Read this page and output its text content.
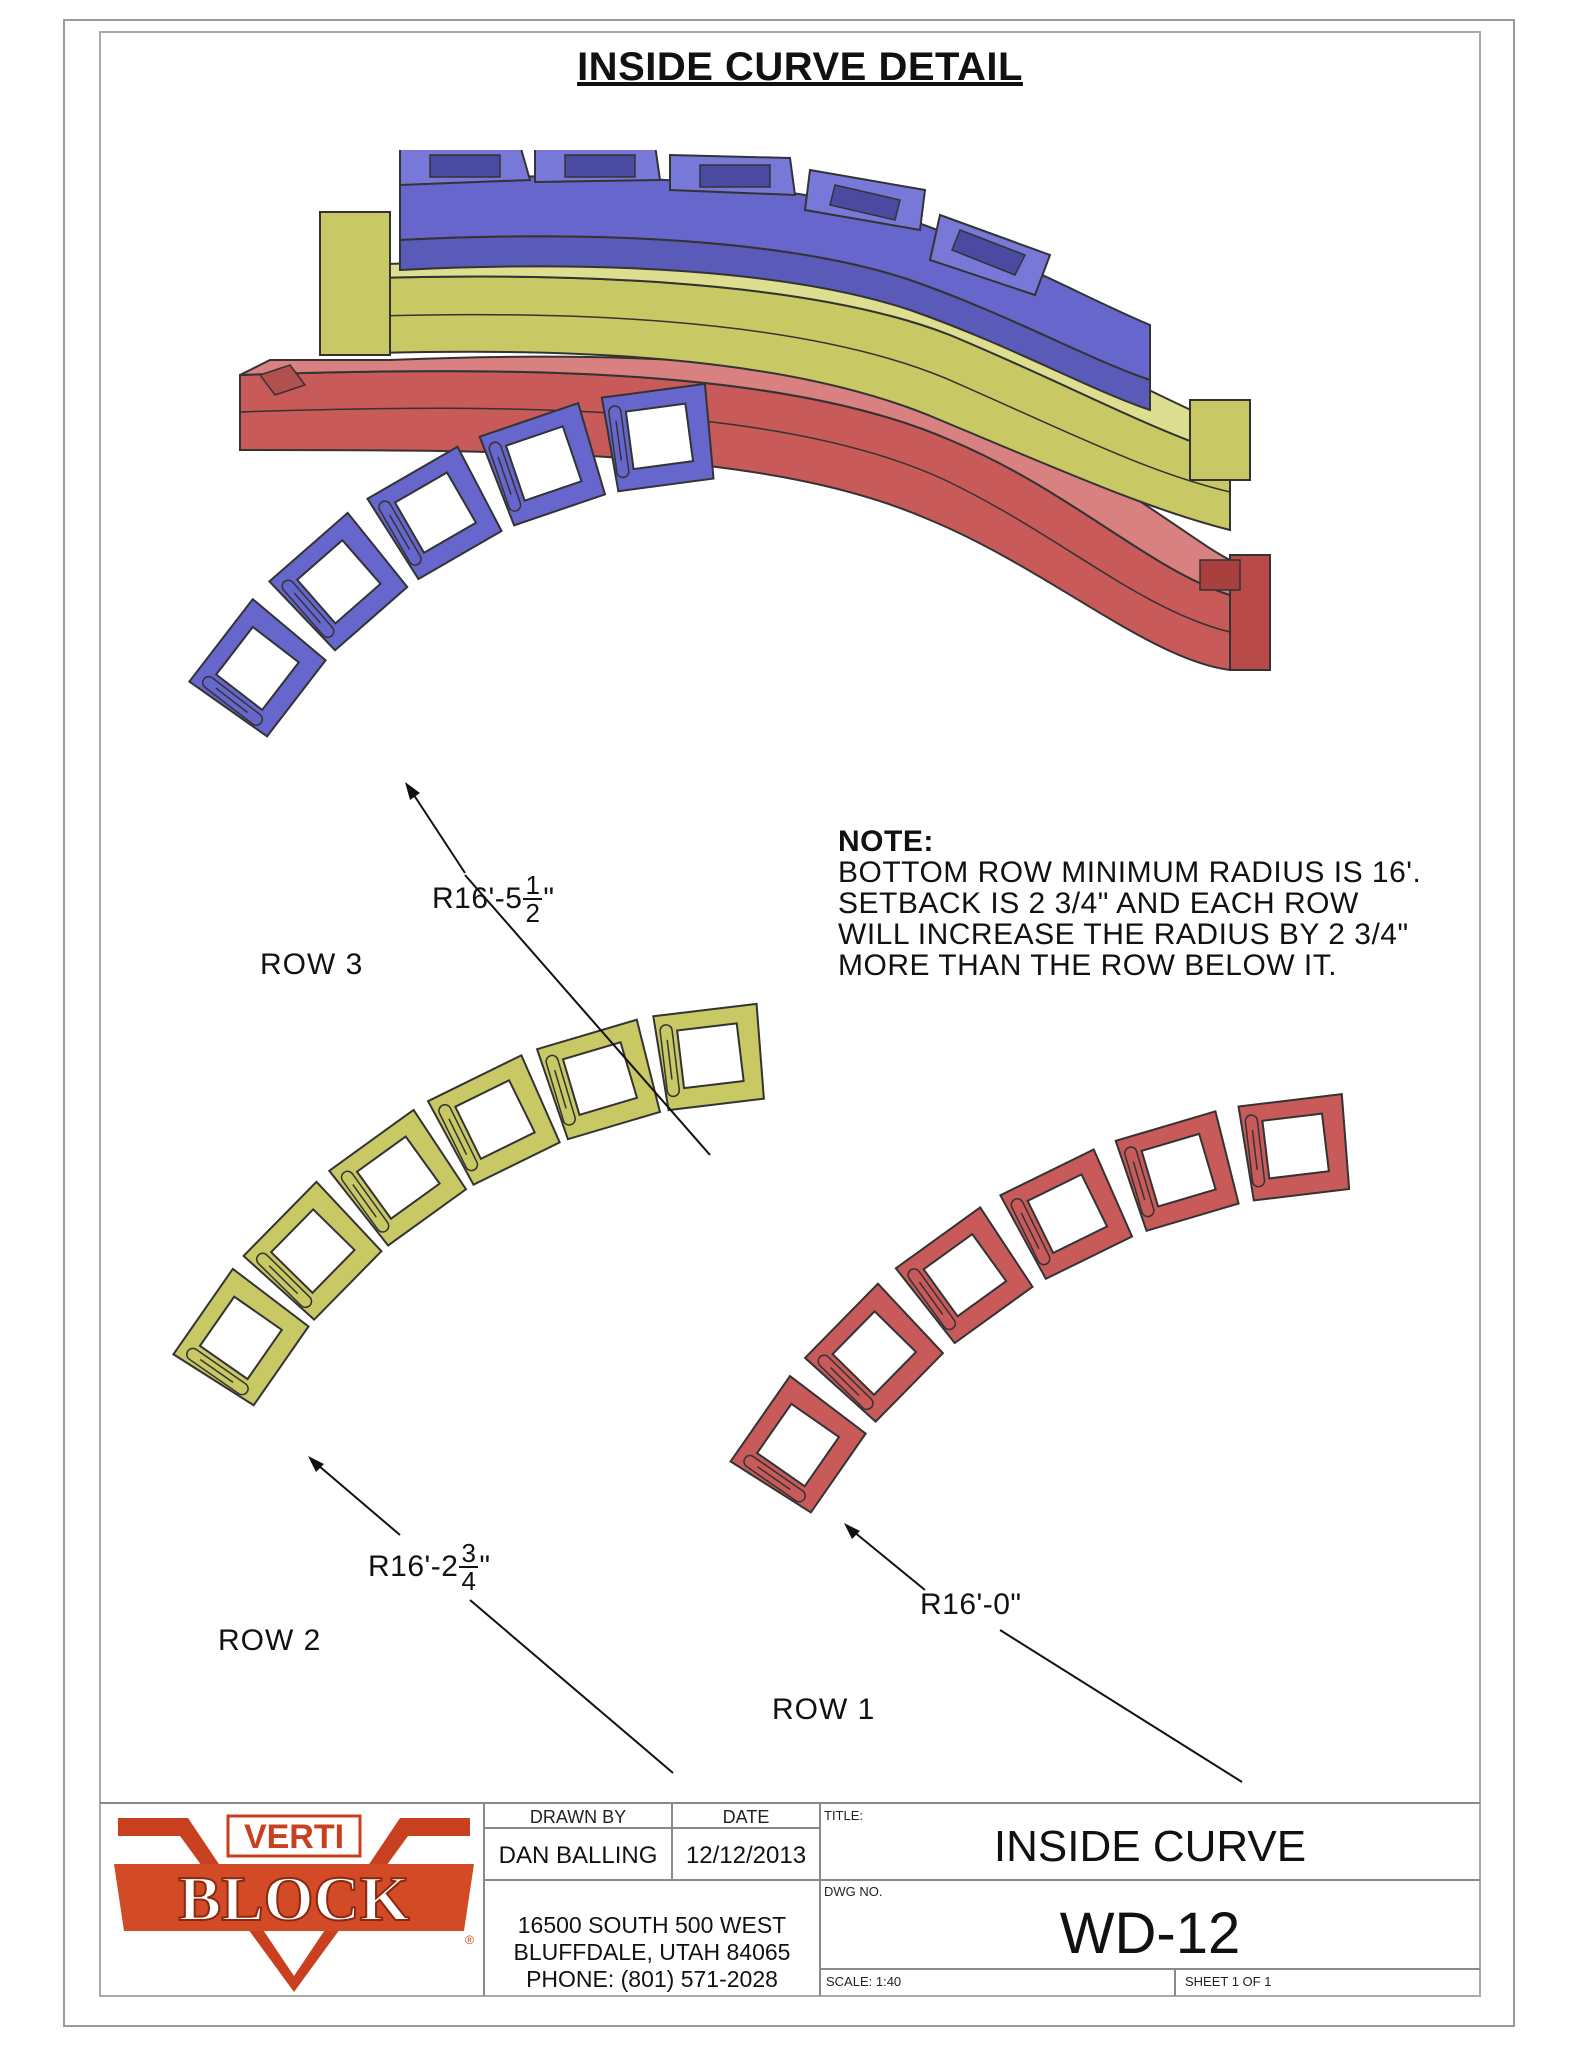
INSIDE CURVE DETAIL
NOTE:
BOTTOM ROW MINIMUM RADIUS IS 16'.
SETBACK IS 2 3/4" AND EACH ROW
WILL INCREASE THE RADIUS BY 2 3/4"
MORE THAN THE ROW BELOW IT.
ROW 3
ROW 2
ROW 1
$R16'-5 \frac{1}{2}$ "
$R16'-2 \frac{3}{4}$ "
R16'-0"
VERTI
BLOCK
®
DRAWN BY	DATE
DAN BALLING	12/12/2013
16500 SOUTH 500 WEST
BLUFFDALE, UTAH 84065
PHONE: (801) 571-2028
TITLE:
INSIDE CURVE
DWG NO.
WD-12
SCALE: 1:40	SHEET 1 OF 1
